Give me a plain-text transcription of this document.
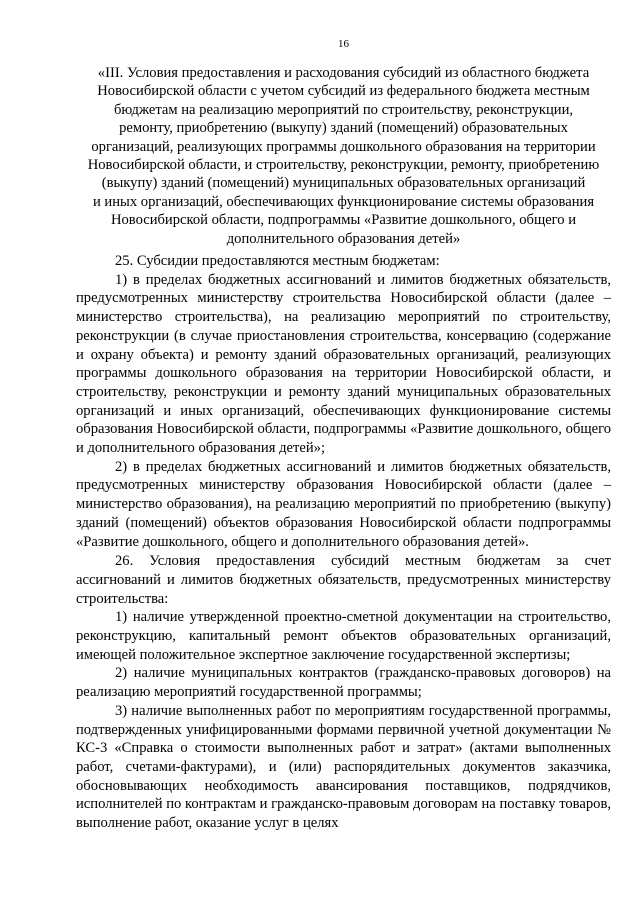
16
«III. Условия предоставления и расходования субсидий из областного бюджета
Новосибирской области с учетом субсидий из федерального бюджета местным
бюджетам на реализацию мероприятий по строительству, реконструкции,
ремонту, приобретению (выкупу) зданий (помещений) образовательных
организаций, реализующих программы дошкольного образования на территории
Новосибирской области, и строительству, реконструкции, ремонту, приобретению
(выкупу) зданий (помещений) муниципальных образовательных организаций
и иных организаций, обеспечивающих функционирование системы образования
Новосибирской области, подпрограммы «Развитие дошкольного, общего и
дополнительного образования детей»

25. Субсидии предоставляются местным бюджетам:

1) в пределах бюджетных ассигнований и лимитов бюджетных обязательств, предусмотренных министерству строительства Новосибирской области (далее – министерство строительства), на реализацию мероприятий по строительству, реконструкции (в случае приостановления строительства, консервацию (содержание и охрану объекта) и ремонту зданий образовательных организаций, реализующих программы дошкольного образования на территории Новосибирской области, и строительству, реконструкции и ремонту зданий муниципальных образовательных организаций и иных организаций, обеспечивающих функционирование системы образования Новосибирской области, подпрограммы «Развитие дошкольного, общего и дополнительного образования детей»;

2) в пределах бюджетных ассигнований и лимитов бюджетных обязательств, предусмотренных министерству образования Новосибирской области (далее – министерство образования), на реализацию мероприятий по приобретению (выкупу) зданий (помещений) объектов образования Новосибирской области подпрограммы «Развитие дошкольного, общего и дополнительного образования детей».

26. Условия предоставления субсидий местным бюджетам за счет ассигнований и лимитов бюджетных обязательств, предусмотренных министерству строительства:

1) наличие утвержденной проектно-сметной документации на строительство, реконструкцию, капитальный ремонт объектов образовательных организаций, имеющей положительное экспертное заключение государственной экспертизы;

2) наличие муниципальных контрактов (гражданско-правовых договоров) на реализацию мероприятий государственной программы;

3) наличие выполненных работ по мероприятиям государственной программы, подтвержденных унифицированными формами первичной учетной документации № КС-3 «Справка о стоимости выполненных работ и затрат» (актами выполненных работ, счетами-фактурами), и (или) распорядительных документов заказчика, обосновывающих необходимость авансирования поставщиков, подрядчиков, исполнителей по контрактам и гражданско-правовым договорам на поставку товаров, выполнение работ, оказание услуг в целях
